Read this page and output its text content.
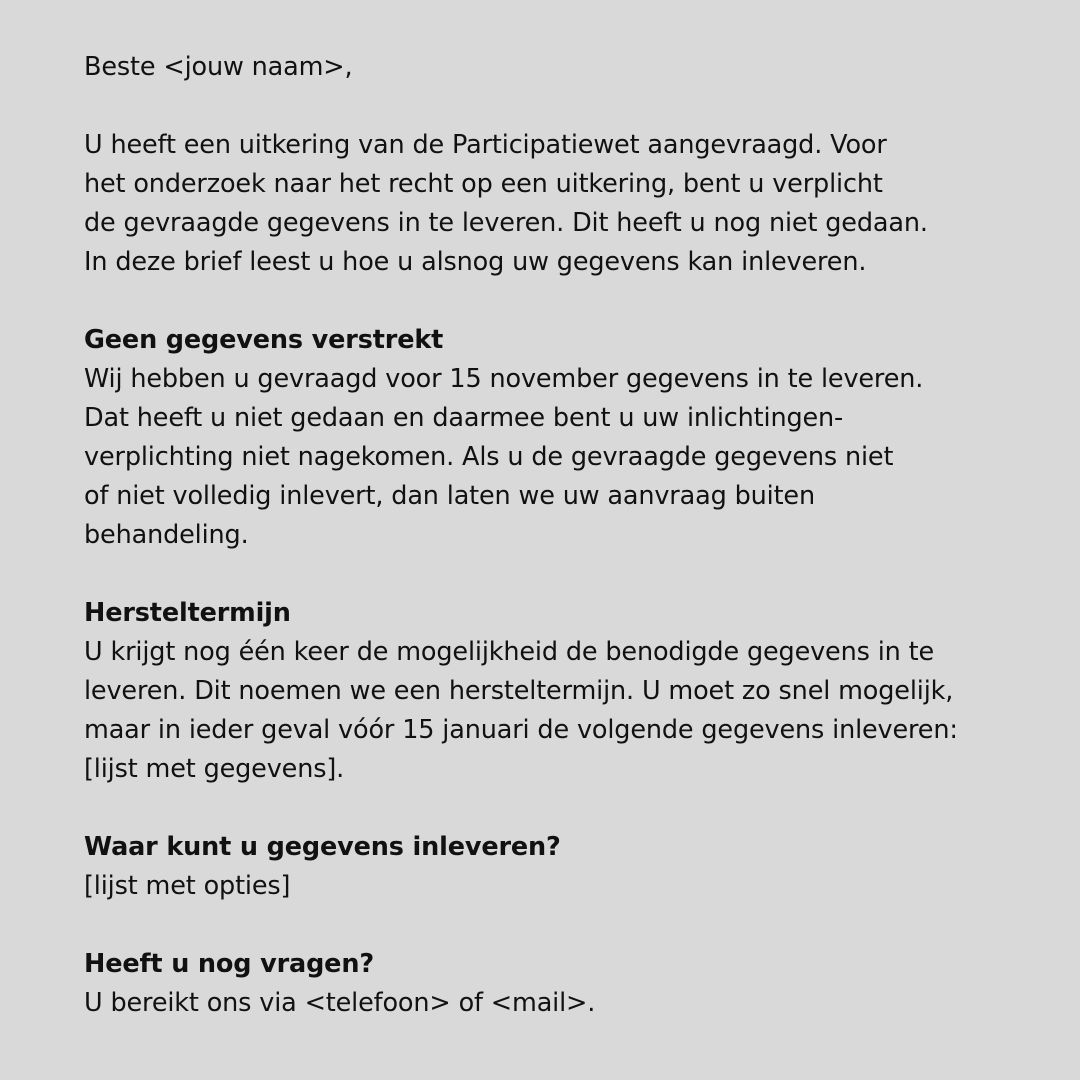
Beste <jouw naam>,
U heeft een uitkering van de Participatiewet aangevraagd. Voor
het onderzoek naar het recht op een uitkering, bent u verplicht
de gevraagde gegevens in te leveren. Dit heeft u nog niet gedaan.
In deze brief leest u hoe u alsnog uw gegevens kan inleveren.
Geen gegevens verstrekt
Wij hebben u gevraagd voor 15 november gegevens in te leveren.
Dat heeft u niet gedaan en daarmee bent u uw inlichtingen-
verplichting niet nagekomen. Als u de gevraagde gegevens niet
of niet volledig inlevert, dan laten we uw aanvraag buiten
behandeling.
Hersteltermijn
U krijgt nog één keer de mogelijkheid de benodigde gegevens in te
leveren. Dit noemen we een hersteltermijn. U moet zo snel mogelijk,
maar in ieder geval vóór 15 januari de volgende gegevens inleveren:
[lijst met gegevens].
Waar kunt u gegevens inleveren?
[lijst met opties]
Heeft u nog vragen?
U bereikt ons via <telefoon> of <mail>.
